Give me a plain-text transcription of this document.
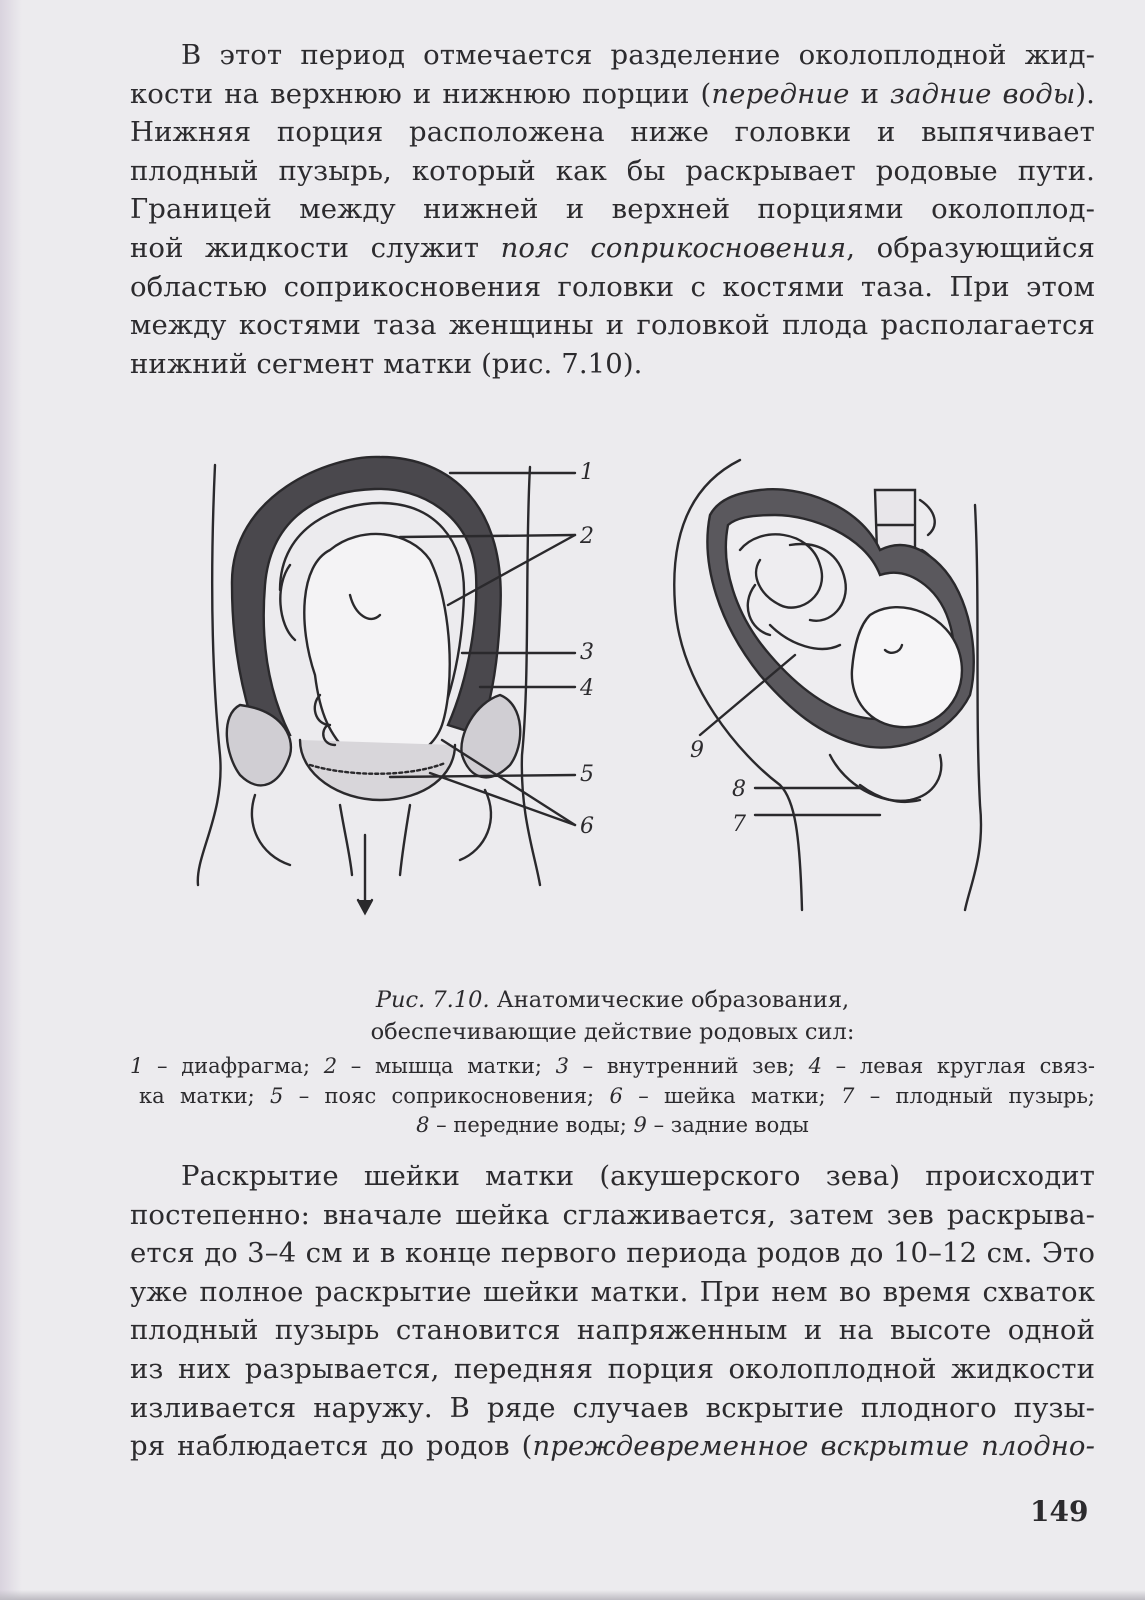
В этот период отмечается разделение околоплодной жид-
кости на верхнюю и нижнюю порции (передние и задние воды).
Нижняя порция расположена ниже головки и выпячивает
плодный пузырь, который как бы раскрывает родовые пути.
Границей между нижней и верхней порциями околоплод-
ной жидкости служит пояс соприкосновения, образующийся
областью соприкосновения головки с костями таза. При этом
между костями таза женщины и головкой плода располагается
нижний сегмент матки (рис. 7.10).
1
2
3
4
5
6	7
8
9
Рис. 7.10. Анатомические образования,
обеспечивающие действие родовых сил:
1 – диафрагма; 2 – мышца матки; 3 – внутренний зев; 4 – левая круглая связ-
ка матки; 5 – пояс соприкосновения; 6 – шейка матки; 7 – плодный пузырь;
8 – передние воды; 9 – задние воды
Раскрытие шейки матки (акушерского зева) происходит
постепенно: вначале шейка сглаживается, затем зев раскрыва-
ется до 3–4 см и в конце первого периода родов до 10–12 см. Это
уже полное раскрытие шейки матки. При нем во время схваток
плодный пузырь становится напряженным и на высоте одной
из них разрывается, передняя порция околоплодной жидкости
изливается наружу. В ряде случаев вскрытие плодного пузы-
ря наблюдается до родов (преждевременное вскрытие плодно-
149
